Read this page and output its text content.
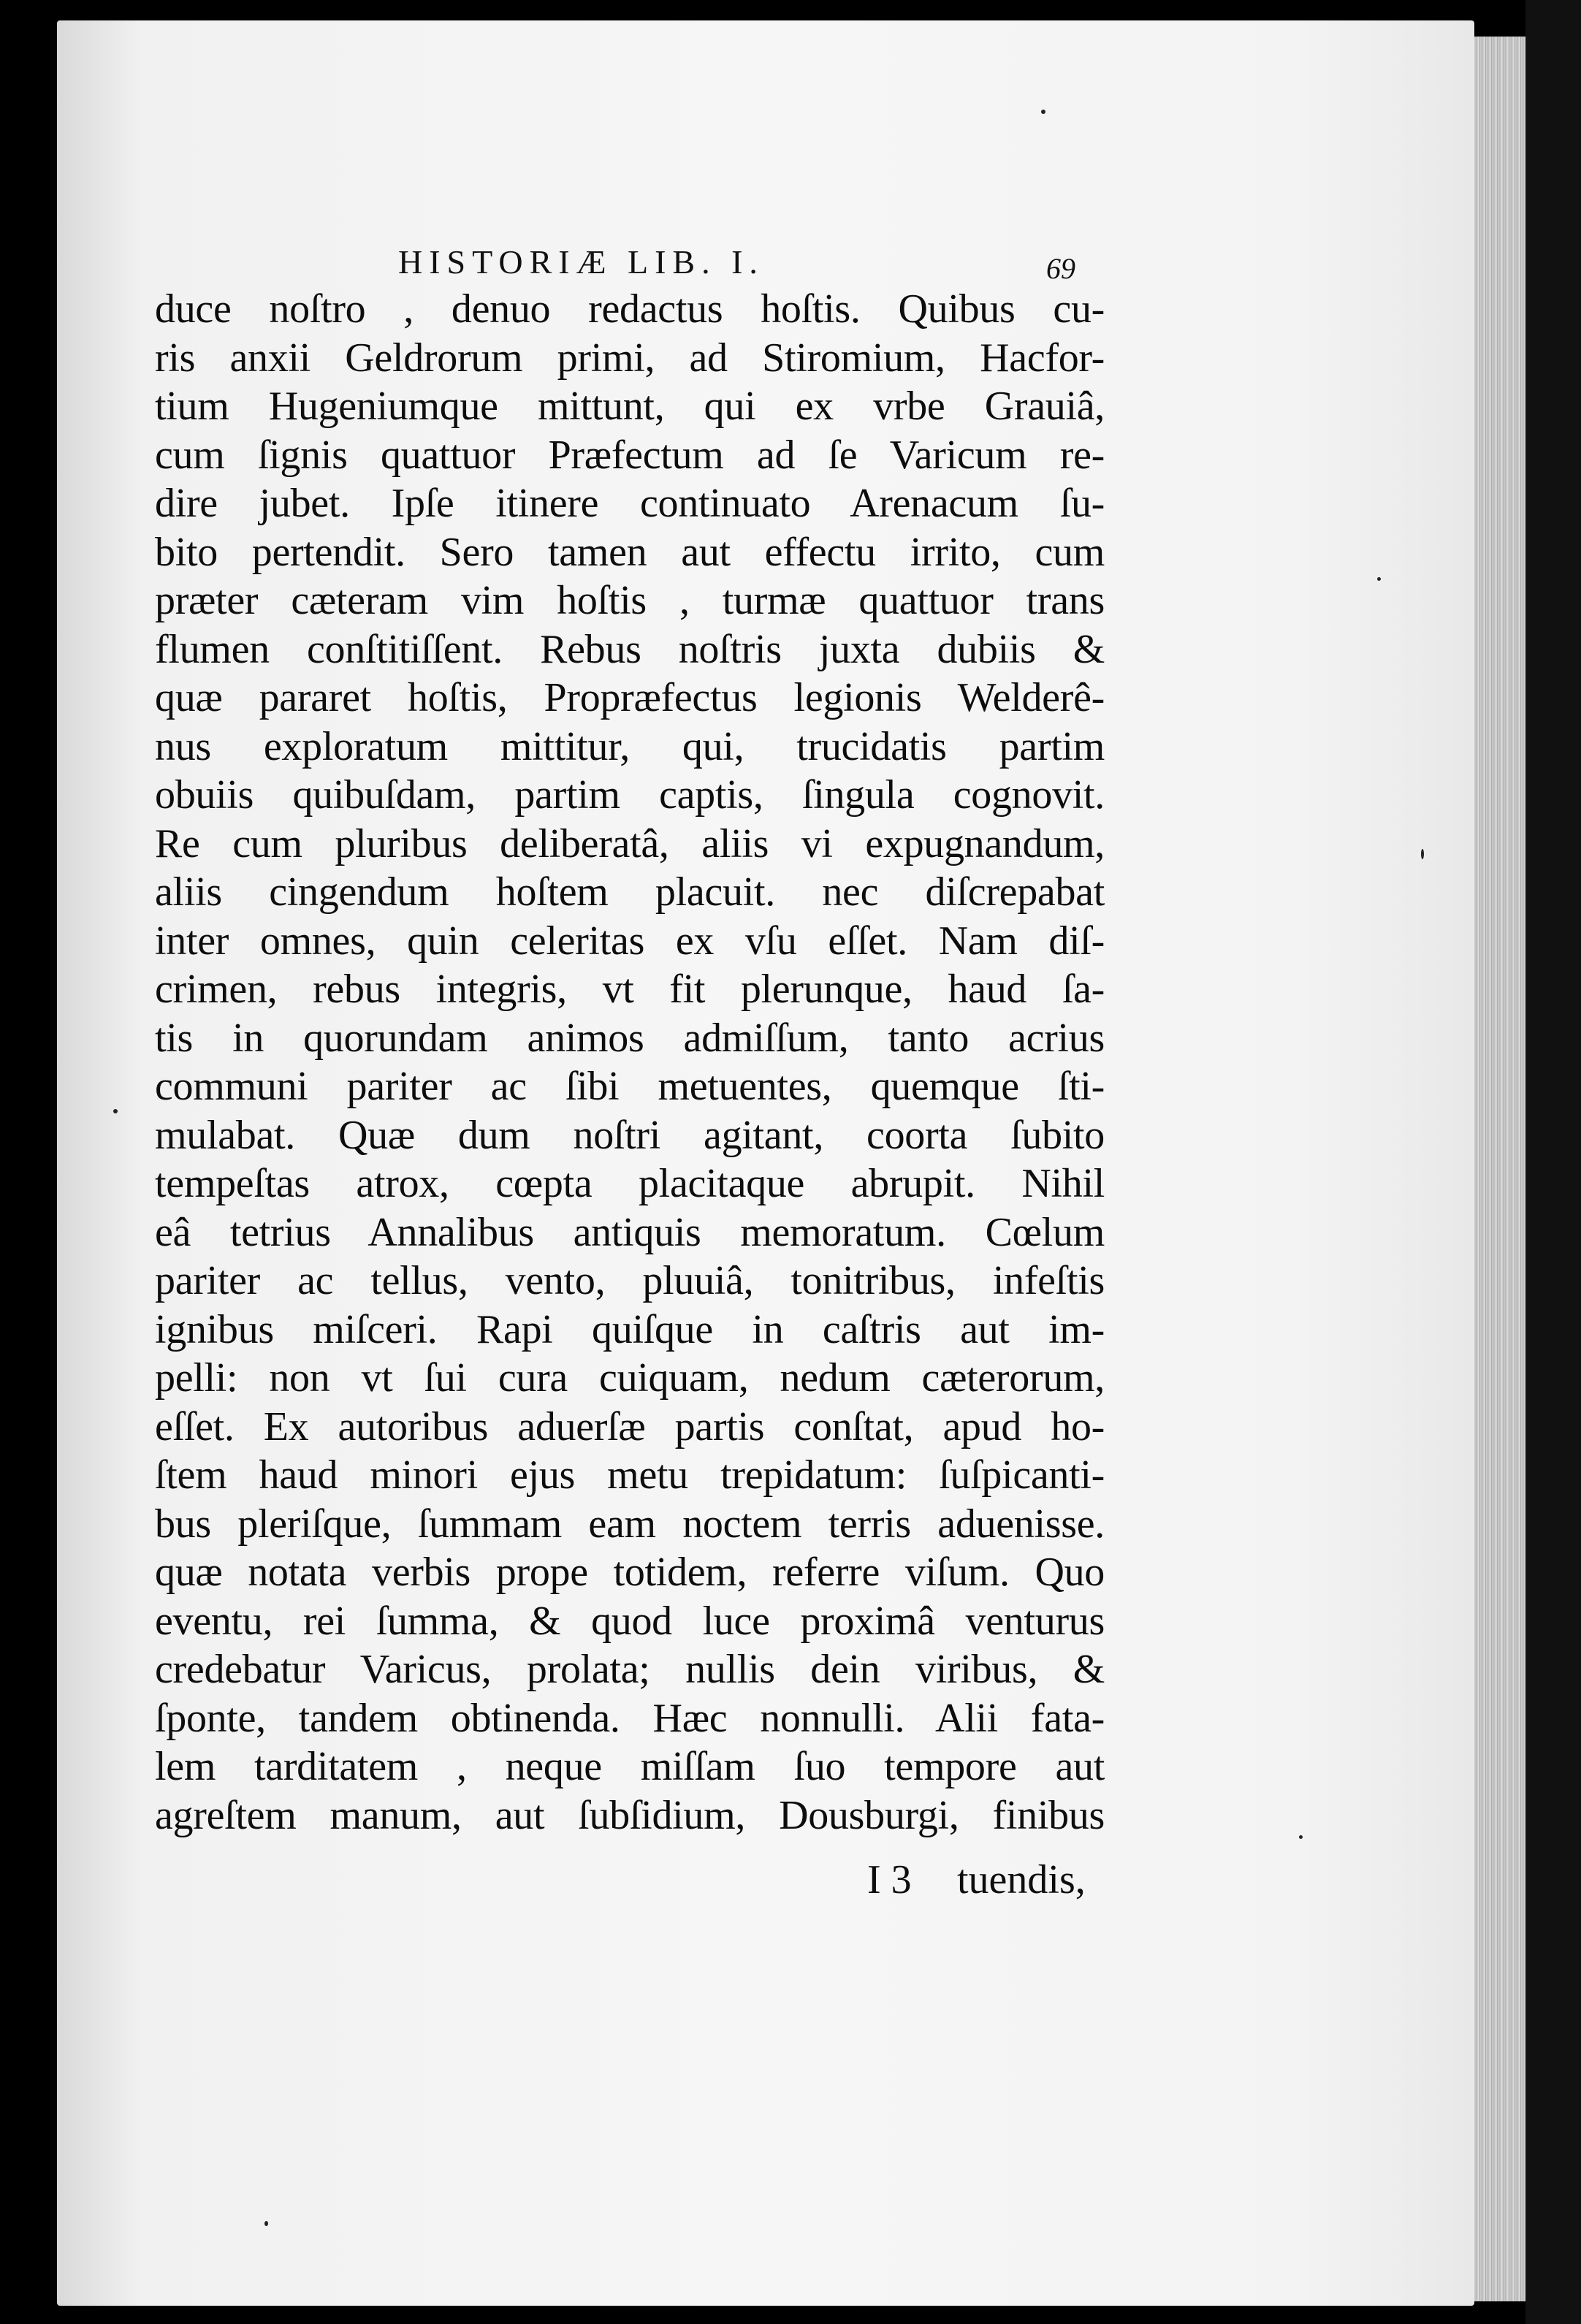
HISTORIÆ LIB. I.	69
duce noſtro , denuo redactus hoſtis. Quibus cu-
ris anxii Geldrorum primi, ad Stiromium, Hacfor-
tium Hugeniumque mittunt, qui ex vrbe Grauiâ,
cum ſignis quattuor Præfectum ad ſe Varicum re-
dire jubet. Ipſe itinere continuato Arenacum ſu-
bito pertendit. Sero tamen aut effectu irrito, cum
præter cæteram vim hoſtis , turmæ quattuor trans
flumen conſtitiſſent. Rebus noſtris juxta dubiis &
quæ pararet hoſtis, Propræfectus legionis Welderê-
nus exploratum mittitur, qui, trucidatis partim
obuiis quibuſdam, partim captis, ſingula cognovit.
Re cum pluribus deliberatâ, aliis vi expugnandum,
aliis cingendum hoſtem placuit. nec diſcrepabat
inter omnes, quin celeritas ex vſu eſſet. Nam diſ-
crimen, rebus integris, vt fit plerunque, haud ſa-
tis in quorundam animos admiſſum, tanto acrius
communi pariter ac ſibi metuentes, quemque ſti-
mulabat. Quæ dum noſtri agitant, coorta ſubito
tempeſtas atrox, cœpta placitaque abrupit. Nihil
eâ tetrius Annalibus antiquis memoratum. Cœlum
pariter ac tellus, vento, pluuiâ, tonitribus, infeſtis
ignibus miſceri. Rapi quiſque in caſtris aut im-
pelli: non vt ſui cura cuiquam, nedum cæterorum,
eſſet. Ex autoribus aduerſæ partis conſtat, apud ho-
ſtem haud minori ejus metu trepidatum: ſuſpicanti-
bus pleriſque, ſummam eam noctem terris aduenisse.
quæ notata verbis prope totidem, referre viſum. Quo
eventu, rei ſumma, & quod luce proximâ venturus
credebatur Varicus, prolata; nullis dein viribus, &
ſponte, tandem obtinenda. Hæc nonnulli. Alii fata-
lem tarditatem , neque miſſam ſuo tempore aut
agreſtem manum, aut ſubſidium, Dousburgi, finibus
I 3 tuendis,
